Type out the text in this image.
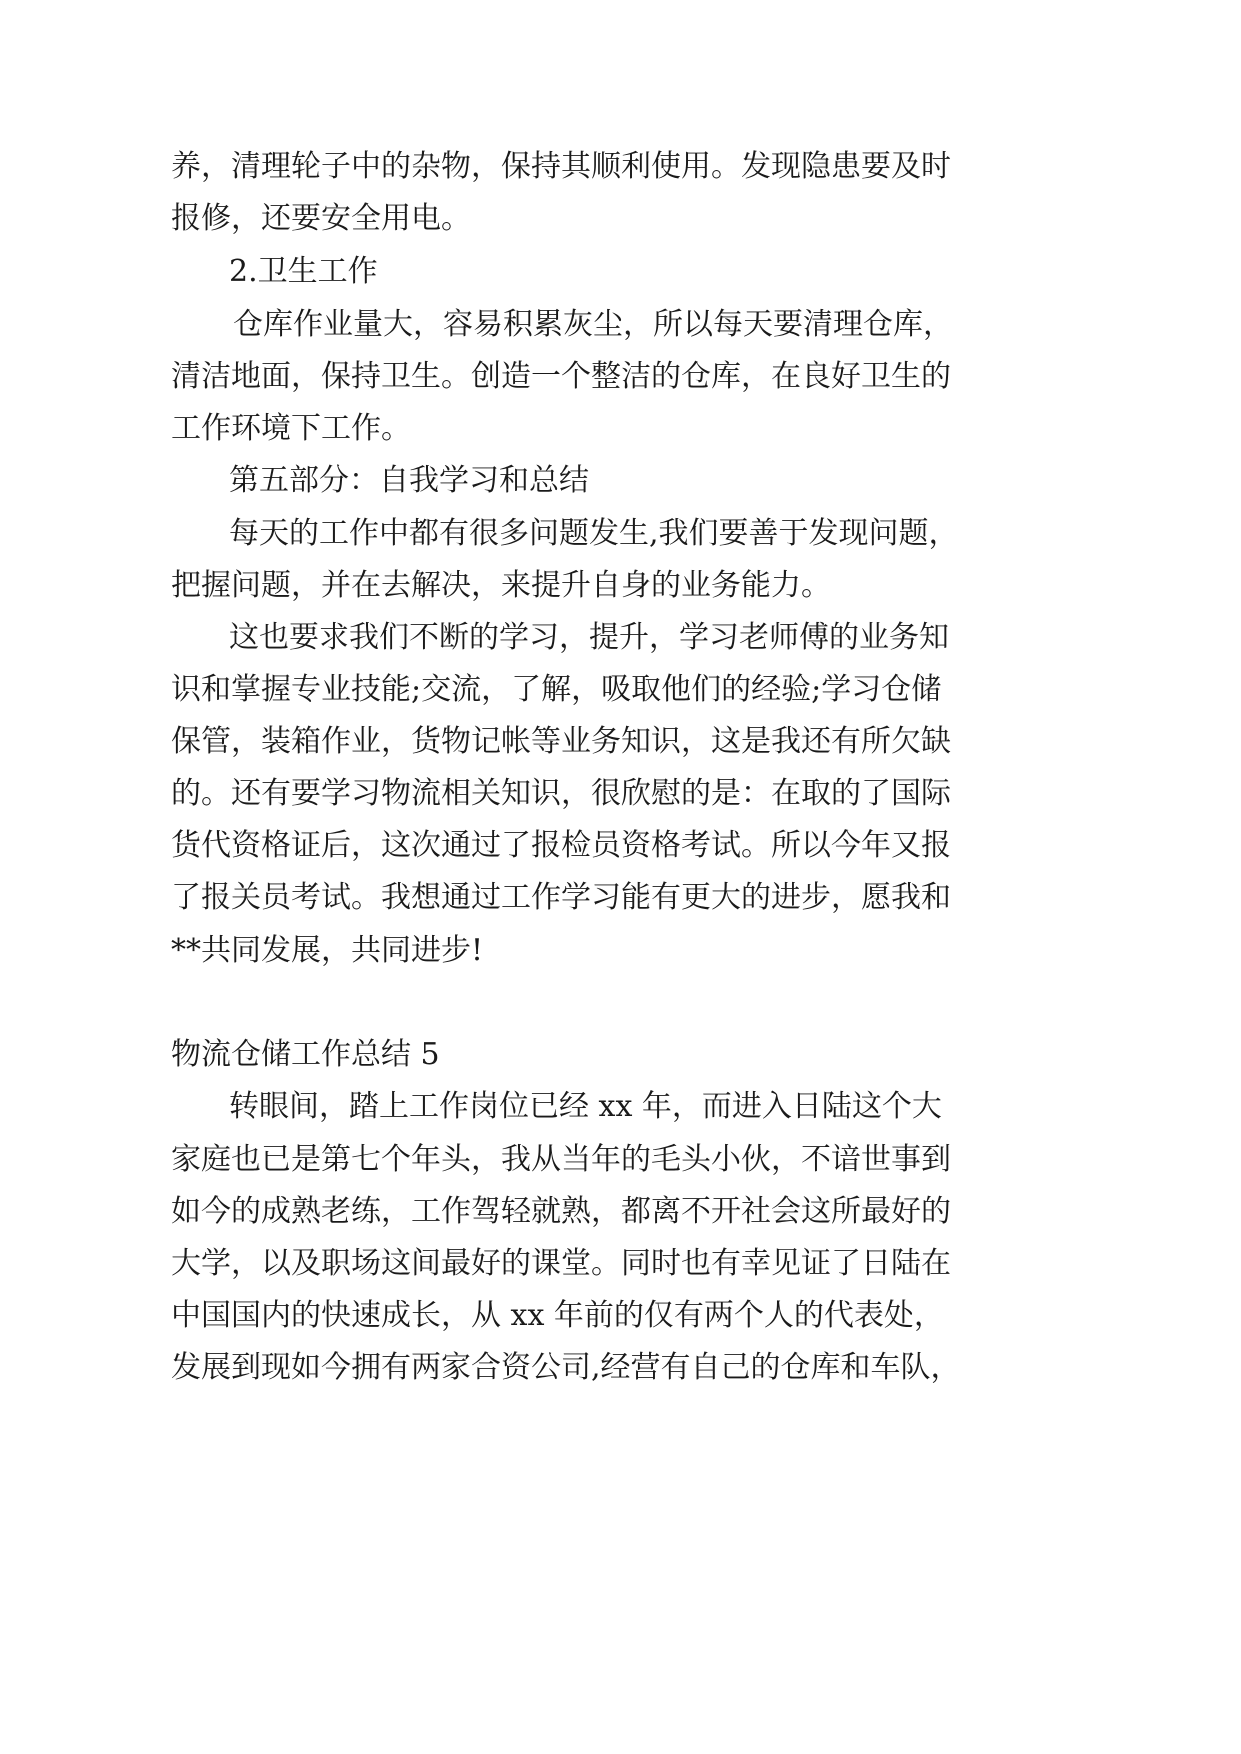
养，清理轮子中的杂物，保持其顺利使用。发现隐患要及时
报修，还要安全用电。
2.卫生工作
仓库作业量大，容易积累灰尘，所以每天要清理仓库，
清洁地面，保持卫生。创造一个整洁的仓库，在良好卫生的
工作环境下工作。
第五部分：自我学习和总结
每天的工作中都有很多问题发生,我们要善于发现问题，
把握问题，并在去解决，来提升自身的业务能力。
这也要求我们不断的学习，提升，学习老师傅的业务知
识和掌握专业技能;交流，了解，吸取他们的经验;学习仓储
保管，装箱作业，货物记帐等业务知识，这是我还有所欠缺
的。还有要学习物流相关知识，很欣慰的是：在取的了国际
货代资格证后，这次通过了报检员资格考试。所以今年又报
了报关员考试。我想通过工作学习能有更大的进步，愿我和
**共同发展，共同进步!
物流仓储工作总结 5
转眼间，踏上工作岗位已经 xx 年，而进入日陆这个大
家庭也已是第七个年头，我从当年的毛头小伙，不谙世事到
如今的成熟老练，工作驾轻就熟，都离不开社会这所最好的
大学，以及职场这间最好的课堂。同时也有幸见证了日陆在
中国国内的快速成长，从 xx 年前的仅有两个人的代表处，
发展到现如今拥有两家合资公司,经营有自己的仓库和车队，
